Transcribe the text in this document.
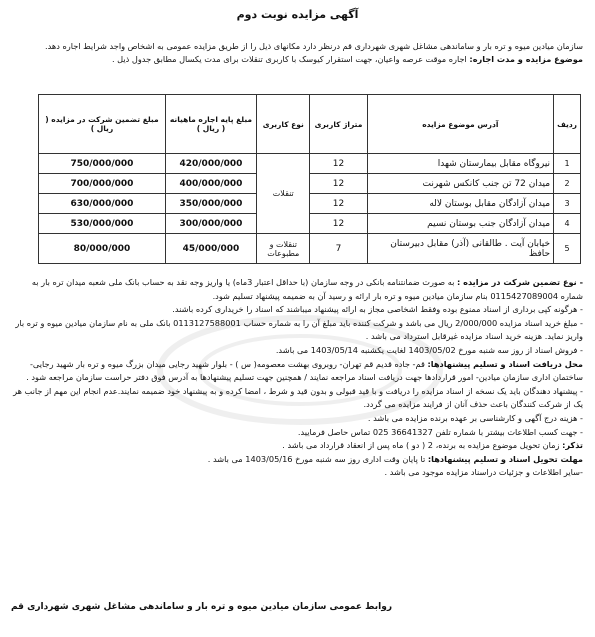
آگهی مزایده نوبت دوم
سازمان میادین میوه و تره بار و ساماندهی مشاغل شهری شهرداری قم درنظر دارد مکانهای ذیل را از طریق مزایده عمومی به اشخاص واجد شرایط اجاره دهد.
موضوع مزایده و مدت اجاره: اجاره موقت عرصه واعیان، جهت استقرار کیوسک با کاربری تنقلات برای مدت یکسال مطابق جدول ذیل .
ردیف	آدرس موضوع مزایده	متراژ کاربری	نوع کاربری	مبلغ پایه اجاره ماهیانه ( ریال )	مبلغ تضمین شرکت در مزایده ( ریال )
1	نیروگاه مقابل بیمارستان شهدا	12	تنقلات	420/000/000	750/000/000
2	میدان 72 تن جنب کانکس شهرنت	12		400/000/000	700/000/000
3	میدان آزادگان مقابل بوستان لاله	12		350/000/000	630/000/000
4	میدان آزادگان جنب بوستان نسیم	12		300/000/000	530/000/000
5	خیابان آیت . طالقانی (آذر) مقابل دبیرستان حافظ	7	تنقلات و مطبوعات	45/000/000	80/000/000

- نوع تضمین شرکت در مزایده : به صورت ضمانتنامه بانکی در وجه سازمان (با حداقل اعتبار 3ماه) یا واریز وجه نقد به حساب بانک ملی شعبه میدان تره بار به شماره 0115427089004 بنام سازمان میادین میوه و تره بار ارائه و رسید آن به ضمیمه پیشنهاد تسلیم شود.

- هرگونه کپی برداری از اسناد ممنوع بوده وفقط اشخاصی مجاز به ارائه پیشنهاد میباشند که اسناد را خریداری کرده باشند.

- مبلغ خرید اسناد مزایده 2/000/000 ریال می باشد و شرکت کننده باید مبلغ آن را به شماره حساب 0113127588001 بانک ملی به نام سازمان میادین میوه و تره بار واریز نماید. هزینه خرید اسناد مزایده غیرقابل استرداد می باشد .

- فروش اسناد از روز سه شنبه مورخ 1403/05/02 لغایت یکشنبه 1403/05/14 می باشد.

محل دریافت اسناد و تسلیم پیشنهادها: قم- جاده قدیم قم تهران- روبروی بهشت معصومه( س ) - بلوار شهید رجایی میدان بزرگ میوه و تره بار شهید رجایی- ساختمان اداری سازمان میادین- امور قراردادها جهت دریافت اسناد مراجعه نمایند / همچنین جهت تسلیم پیشنهادها به آدرس فوق دفتر حراست سازمان مراجعه شود .

- پیشنهاد دهندگان باید یک نسخه از اسناد مزایده را دریافت و با قید قبولی و بدون قید و شرط ، امضا کرده و به پیشنهاد خود ضمیمه نمایند.عدم انجام این مهم از جانب هر یک از شرکت کنندگان باعث حذف آنان از فرایند مزایده می گردد.

- هزینه درج آگهی و کارشناسی بر عهده برنده مزایده می باشد .

- جهت کسب اطلاعات بیشتر با شماره تلفن 36641327 025 تماس حاصل فرمایید.

تذکر: زمان تحویل موضوع مزایده به برنده، 2 ( دو ) ماه پس از انعقاد قرارداد می باشد .

مهلت تحویل اسناد و تسلیم پیشنهادها: تا پایان وقت اداری روز سه شنبه مورخ 1403/05/16 می باشد .

-سایر اطلاعات و جزئیات دراسناد مزایده موجود می باشد .

روابط عمومی سازمان میادین میوه و تره بار و ساماندهی مشاغل شهری شهرداری قم
